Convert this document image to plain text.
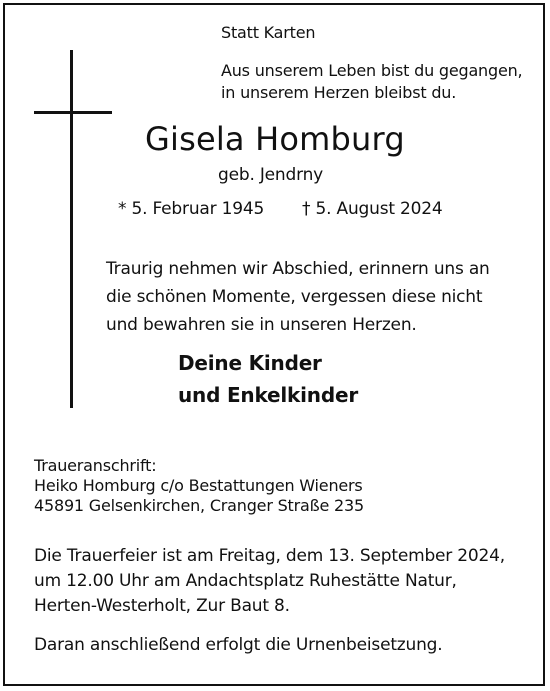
Statt Karten
Aus unserem Leben bist du gegangen,
in unserem Herzen bleibst du.
Gisela Homburg
geb. Jendrny
* 5. Februar 1945 † 5. August 2024
Traurig nehmen wir Abschied, erinnern uns an
die schönen Momente, vergessen diese nicht
und bewahren sie in unseren Herzen.
Deine Kinder
und Enkelkinder
Traueranschrift:
Heiko Homburg c/o Bestattungen Wieners
45891 Gelsenkirchen, Cranger Straße 235
Die Trauerfeier ist am Freitag, dem 13. September 2024,
um 12.00 Uhr am Andachtsplatz Ruhestätte Natur,
Herten-Westerholt, Zur Baut 8.
Daran anschließend erfolgt die Urnenbeisetzung.
